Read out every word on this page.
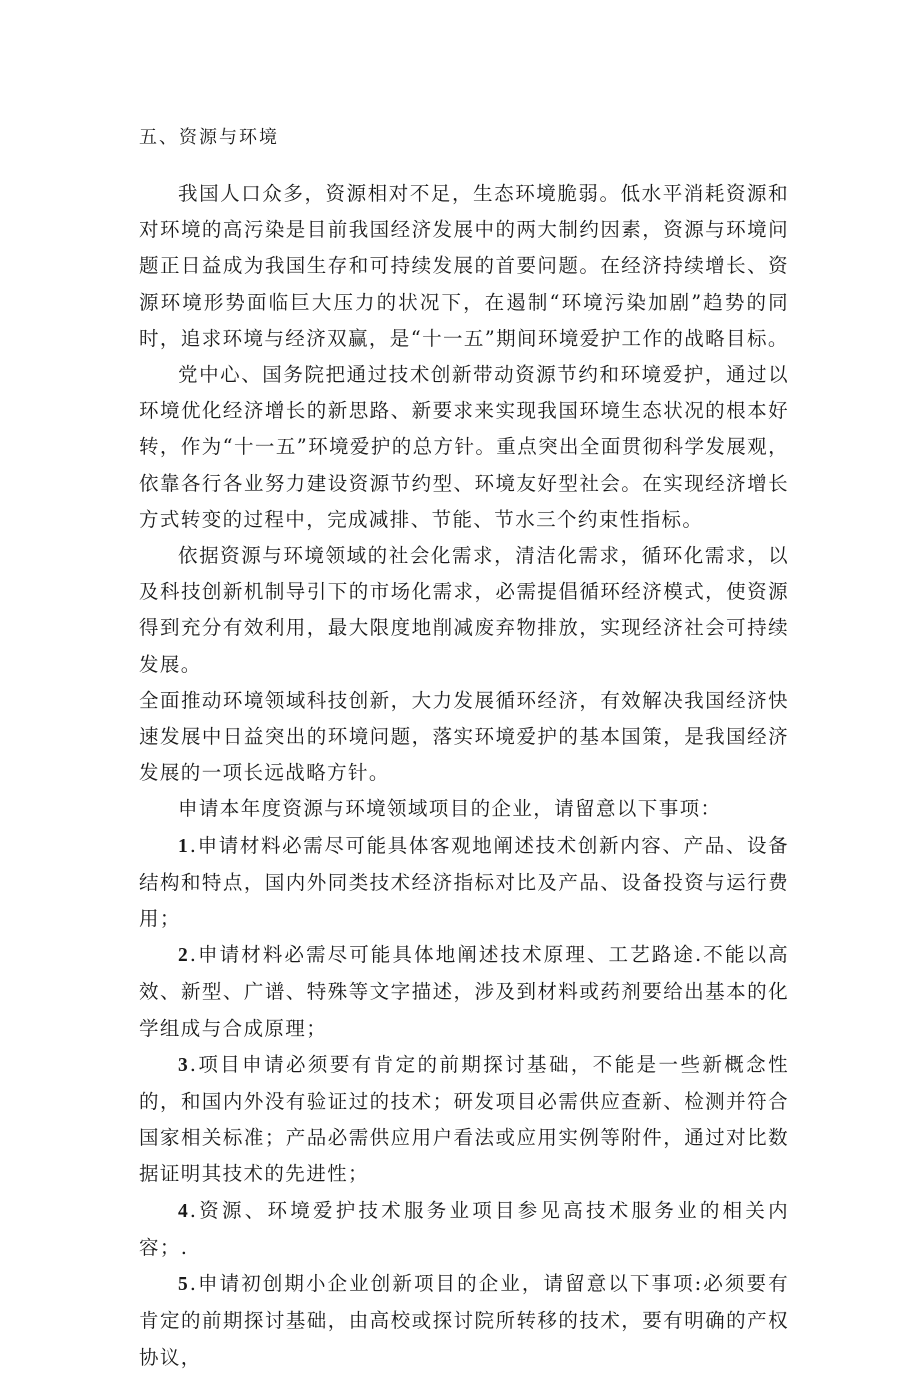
五、资源与环境

我国人口众多，资源相对不足，生态环境脆弱。低水平消耗资源和对环境的高污染是目前我国经济发展中的两大制约因素，资源与环境问题正日益成为我国生存和可持续发展的首要问题。在经济持续增长、资源环境形势面临巨大压力的状况下，在遏制“环境污染加剧”趋势的同时，追求环境与经济双赢，是“十一五”期间环境爱护工作的战略目标。

党中心、国务院把通过技术创新带动资源节约和环境爱护，通过以环境优化经济增长的新思路、新要求来实现我国环境生态状况的根本好转，作为“十一五”环境爱护的总方针。重点突出全面贯彻科学发展观，依靠各行各业努力建设资源节约型、环境友好型社会。在实现经济增长方式转变的过程中，完成减排、节能、节水三个约束性指标。

依据资源与环境领域的社会化需求，清洁化需求，循环化需求，以及科技创新机制导引下的市场化需求，必需提倡循环经济模式，使资源得到充分有效利用，最大限度地削减废弃物排放，实现经济社会可持续发展。

全面推动环境领域科技创新，大力发展循环经济，有效解决我国经济快速发展中日益突出的环境问题，落实环境爱护的基本国策，是我国经济发展的一项长远战略方针。

申请本年度资源与环境领域项目的企业，请留意以下事项：

1.申请材料必需尽可能具体客观地阐述技术创新内容、产品、设备结构和特点，国内外同类技术经济指标对比及产品、设备投资与运行费用；

2.申请材料必需尽可能具体地阐述技术原理、工艺路途.不能以高效、新型、广谱、特殊等文字描述，涉及到材料或药剂要给出基本的化学组成与合成原理；

3.项目申请必须要有肯定的前期探讨基础，不能是一些新概念性的，和国内外没有验证过的技术；研发项目必需供应查新、检测并符合国家相关标准；产品必需供应用户看法或应用实例等附件，通过对比数据证明其技术的先进性；

4.资源、环境爱护技术服务业项目参见高技术服务业的相关内容；.

5.申请初创期小企业创新项目的企业，请留意以下事项:必须要有肯定的前期探讨基础，由高校或探讨院所转移的技术，要有明确的产权协议，
